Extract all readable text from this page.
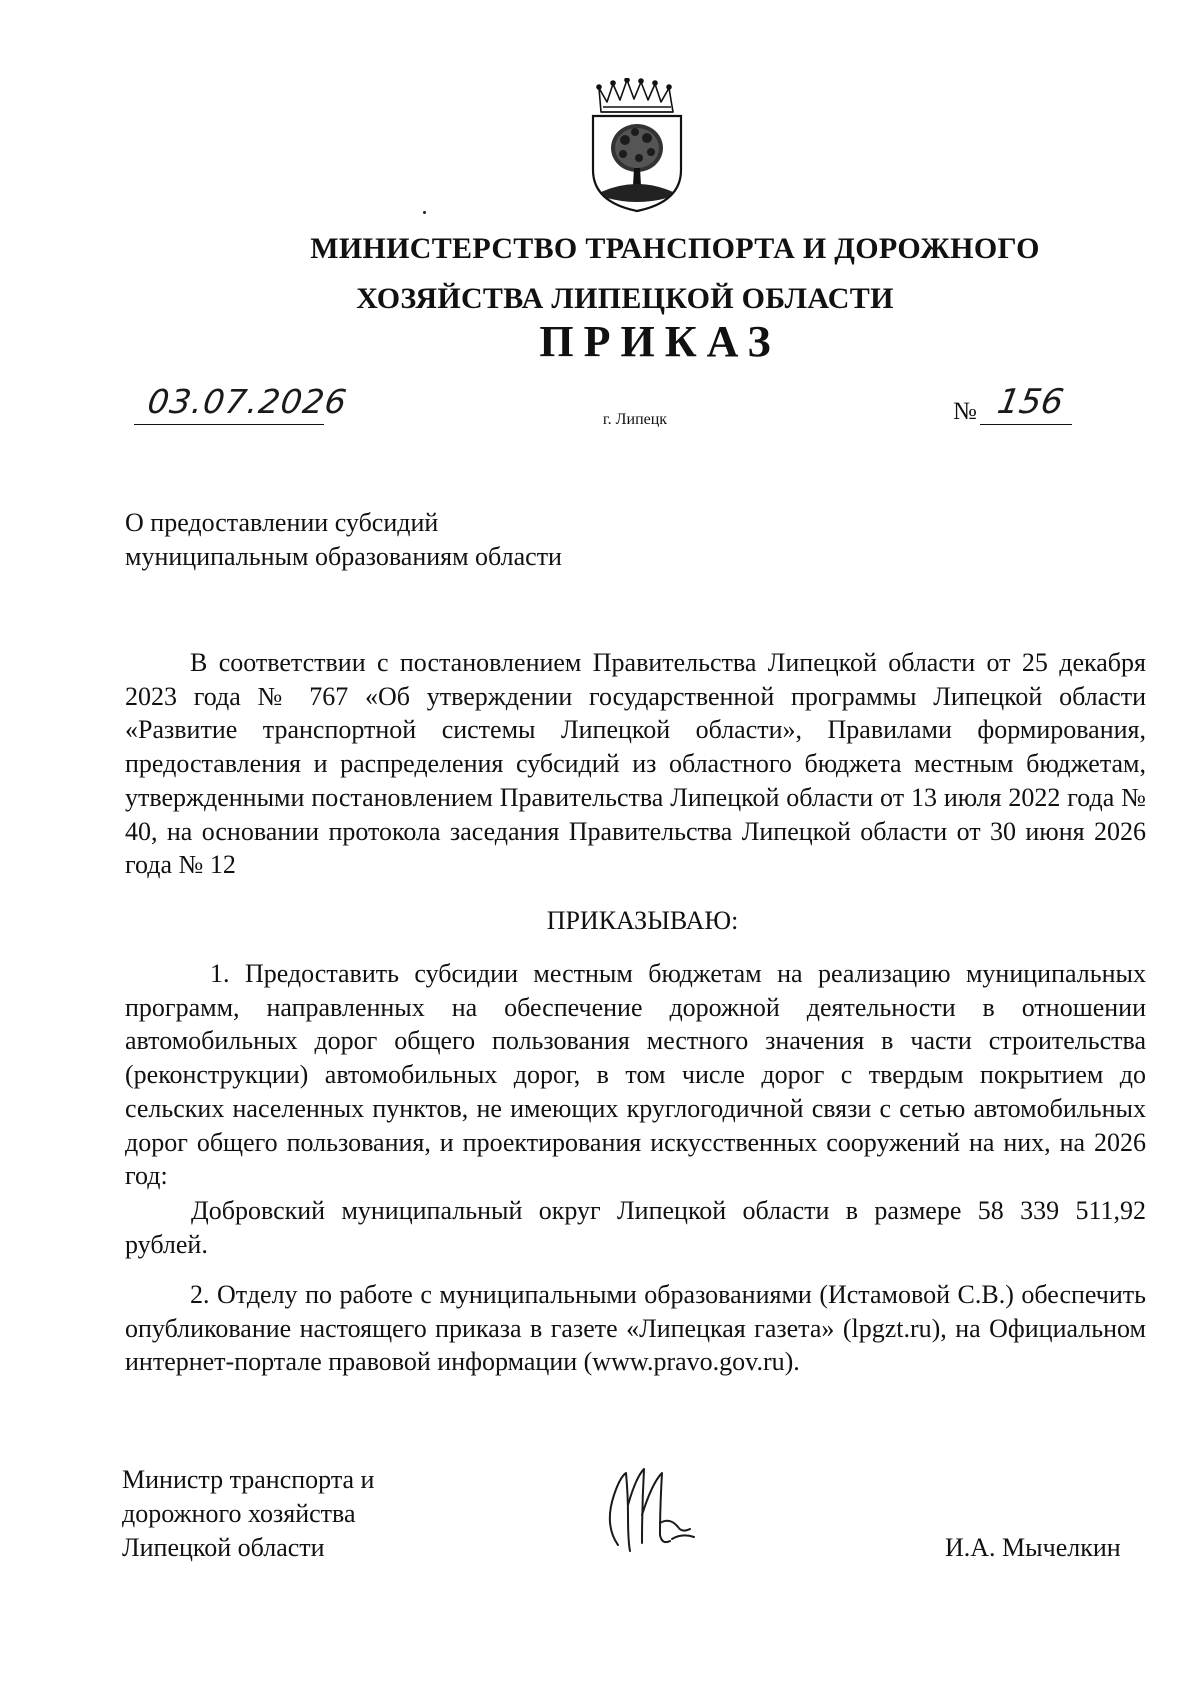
МИНИСТЕРСТВО ТРАНСПОРТА И ДОРОЖНОГО
ХОЗЯЙСТВА ЛИПЕЦКОЙ ОБЛАСТИ
ПРИКАЗ
03.07.2026	г. Липецк	№ 156
О предоставлении субсидий
муниципальным образованиям области
В соответствии с постановлением Правительства Липецкой области от 25 декабря 2023 года № 767 «Об утверждении государственной программы Липецкой области «Развитие транспортной системы Липецкой области», Правилами формирования, предоставления и распределения субсидий из областного бюджета местным бюджетам, утвержденными постановлением Правительства Липецкой области от 13 июля 2022 года № 40, на основании протокола заседания Правительства Липецкой области от 30 июня 2026 года № 12
ПРИКАЗЫВАЮ:
1. Предоставить субсидии местным бюджетам на реализацию муниципальных программ, направленных на обеспечение дорожной деятельности в отношении автомобильных дорог общего пользования местного значения в части строительства (реконструкции) автомобильных дорог, в том числе дорог с твердым покрытием до сельских населенных пунктов, не имеющих круглогодичной связи с сетью автомобильных дорог общего пользования, и проектирования искусственных сооружений на них, на 2026 год:
Добровский муниципальный округ Липецкой области в размере 58 339 511,92 рублей.
2. Отделу по работе с муниципальными образованиями (Истамовой С.В.) обеспечить опубликование настоящего приказа в газете «Липецкая газета» (lpgzt.ru), на Официальном интернет-портале правовой информации (www.pravo.gov.ru).
Министр транспорта и
дорожного хозяйства
Липецкой области	И.А. Мычелкин
